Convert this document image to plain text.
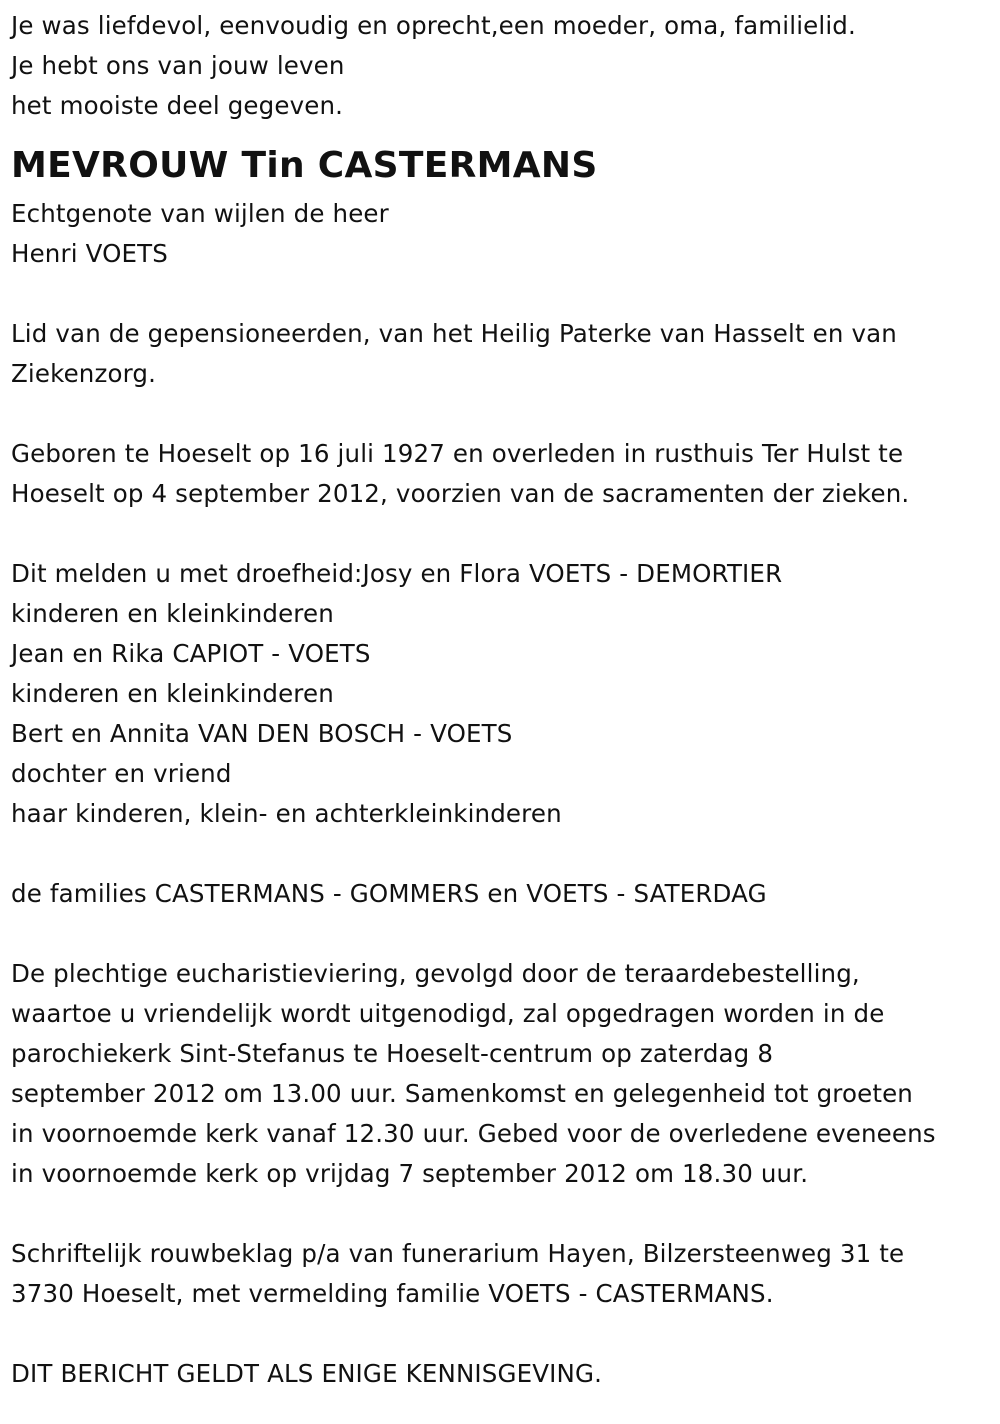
Je was liefdevol, eenvoudig en oprecht,een moeder, oma, familielid.
Je hebt ons van jouw leven
het mooiste deel gegeven.
MEVROUW Tin CASTERMANS
Echtgenote van wijlen de heer
Henri VOETS
Lid van de gepensioneerden, van het Heilig Paterke van Hasselt en van
Ziekenzorg.
Geboren te Hoeselt op 16 juli 1927 en overleden in rusthuis Ter Hulst te
Hoeselt op 4 september 2012, voorzien van de sacramenten der zieken.
Dit melden u met droefheid:Josy en Flora VOETS - DEMORTIER
kinderen en kleinkinderen
Jean en Rika CAPIOT - VOETS
kinderen en kleinkinderen
Bert en Annita VAN DEN BOSCH - VOETS
dochter en vriend
haar kinderen, klein- en achterkleinkinderen
de families CASTERMANS - GOMMERS en VOETS - SATERDAG
De plechtige eucharistieviering, gevolgd door de teraardebestelling,
waartoe u vriendelijk wordt uitgenodigd, zal opgedragen worden in de
parochiekerk Sint-Stefanus te Hoeselt-centrum op zaterdag 8
september 2012 om 13.00 uur. Samenkomst en gelegenheid tot groeten
in voornoemde kerk vanaf 12.30 uur. Gebed voor de overledene eveneens
in voornoemde kerk op vrijdag 7 september 2012 om 18.30 uur.
Schriftelijk rouwbeklag p/a van funerarium Hayen, Bilzersteenweg 31 te
3730 Hoeselt, met vermelding familie VOETS - CASTERMANS.
DIT BERICHT GELDT ALS ENIGE KENNISGEVING.
